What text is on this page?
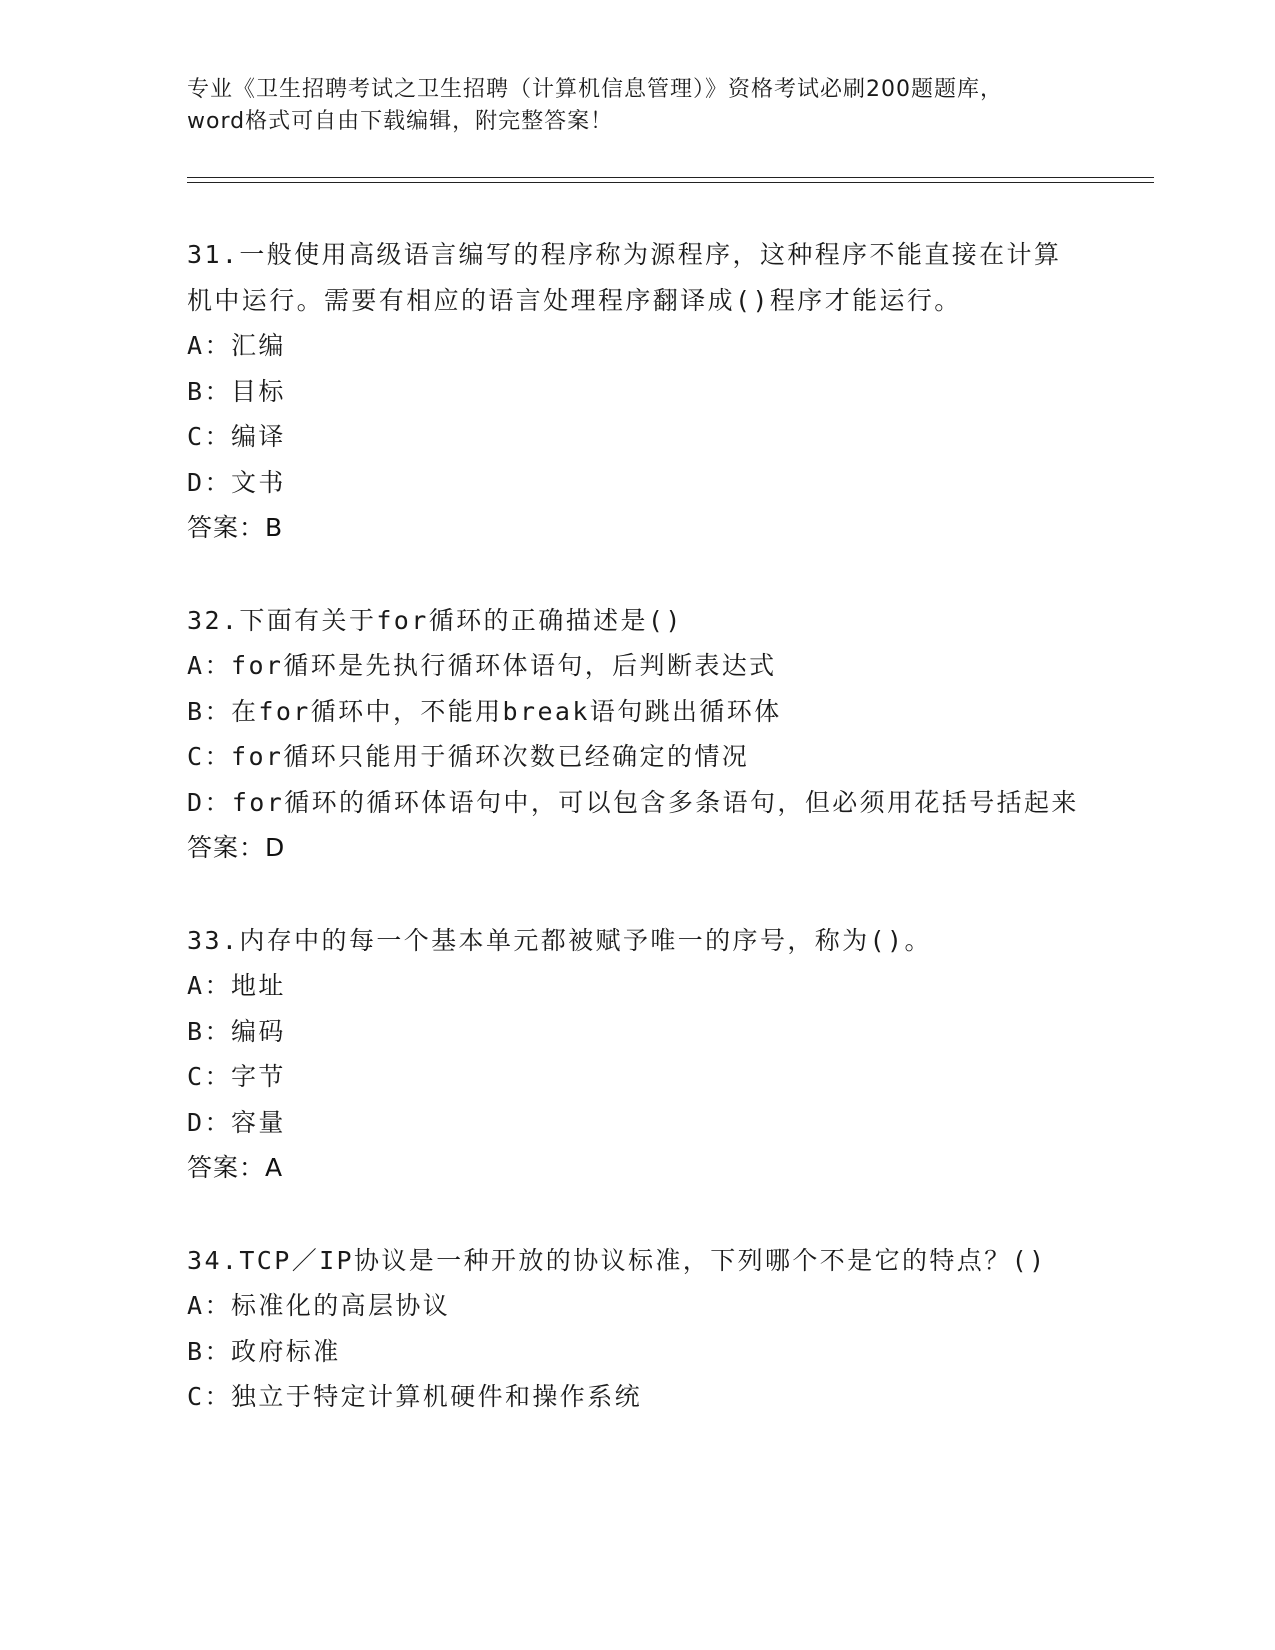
专业《卫生招聘考试之卫生招聘（计算机信息管理）》资格考试必刷200题题库，
word格式可自由下载编辑，附完整答案！
31.一般使用高级语言编写的程序称为源程序，这种程序不能直接在计算机中运行。需要有相应的语言处理程序翻译成()程序才能运行。
A： 汇编
B： 目标
C： 编译
D： 文书
答案：B
32.下面有关于for循环的正确描述是()
A： for循环是先执行循环体语句，后判断表达式
B： 在for循环中，不能用break语句跳出循环体
C： for循环只能用于循环次数已经确定的情况
D：for循环的循环体语句中，可以包含多条语句，但必须用花括号括起来
答案：D
33.内存中的每一个基本单元都被赋予唯一的序号，称为()。
A： 地址
B： 编码
C： 字节
D： 容量
答案：A
34.TCP／IP协议是一种开放的协议标准，下列哪个不是它的特点？()
A： 标准化的高层协议
B： 政府标准
C： 独立于特定计算机硬件和操作系统
